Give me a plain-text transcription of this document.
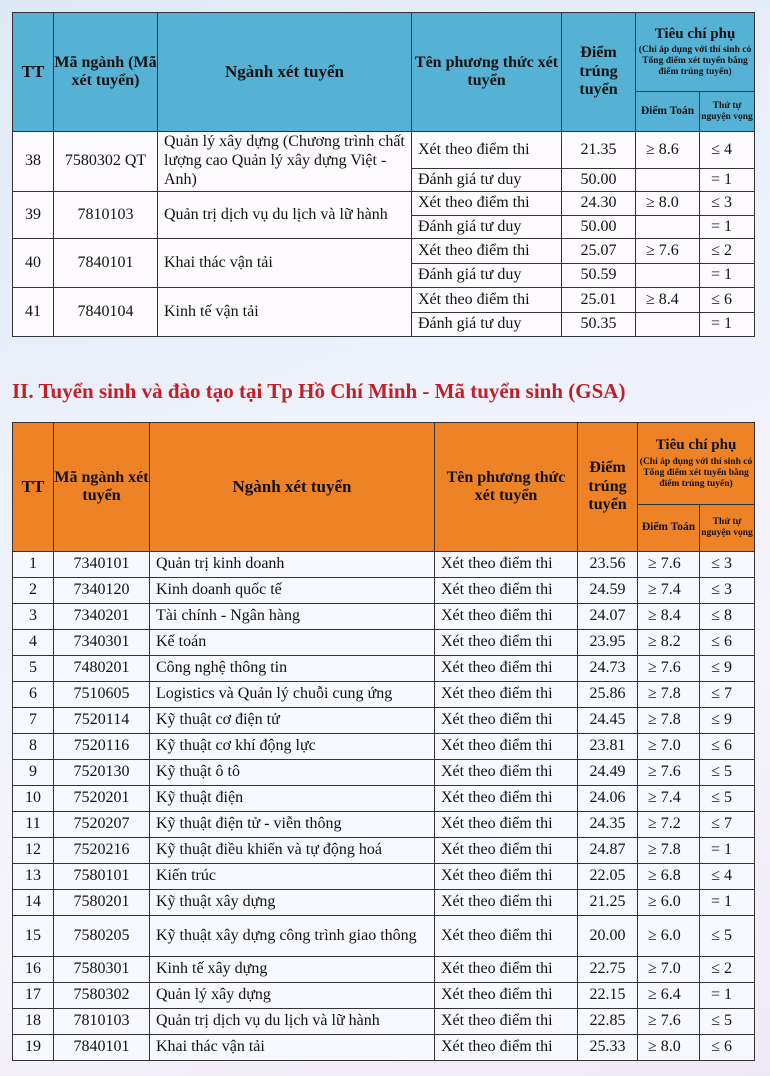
TT	Mã ngành (Mã xét tuyển)	Ngành xét tuyển	Tên phương thức xét tuyển	Điểm trúng tuyển	Tiêu chí phụ
(Chỉ áp dụng với thí sinh có Tổng điểm xét tuyển bằng điểm trúng tuyển)	

					Điểm Toán	Thứ tự nguyện vọng
38	7580302 QT	Quản lý xây dựng (Chương trình chất lượng cao Quản lý xây dựng Việt - Anh)	Xét theo điểm thi	21.35	≥ 8.6	≤ 4
			Đánh giá tư duy	50.00		= 1
39	7810103	Quản trị dịch vụ du lịch và lữ hành	Xét theo điểm thi	24.30	≥ 8.0	≤ 3
			Đánh giá tư duy	50.00		= 1
40	7840101	Khai thác vận tải	Xét theo điểm thi	25.07	≥ 7.6	≤ 2
			Đánh giá tư duy	50.59		= 1
41	7840104	Kinh tế vận tải	Xét theo điểm thi	25.01	≥ 8.4	≤ 6
			Đánh giá tư duy	50.35		= 1
II. Tuyển sinh và đào tạo tại Tp Hồ Chí Minh - Mã tuyển sinh (GSA)
TT	Mã ngành xét tuyển	Ngành xét tuyển	Tên phương thức xét tuyển	Điểm trúng tuyển	Tiêu chí phụ
(Chỉ áp dụng với thí sinh có Tổng điểm xét tuyển bằng điểm trúng tuyển)	

					Điểm Toán	Thứ tự nguyện vọng
1	7340101	Quản trị kinh doanh	Xét theo điểm thi	23.56	≥ 7.6	≤ 3
2	7340120	Kinh doanh quốc tế	Xét theo điểm thi	24.59	≥ 7.4	≤ 3
3	7340201	Tài chính - Ngân hàng	Xét theo điểm thi	24.07	≥ 8.4	≤ 8
4	7340301	Kế toán	Xét theo điểm thi	23.95	≥ 8.2	≤ 6
5	7480201	Công nghệ thông tin	Xét theo điểm thi	24.73	≥ 7.6	≤ 9
6	7510605	Logistics và Quản lý chuỗi cung ứng	Xét theo điểm thi	25.86	≥ 7.8	≤ 7
7	7520114	Kỹ thuật cơ điện tử	Xét theo điểm thi	24.45	≥ 7.8	≤ 9
8	7520116	Kỹ thuật cơ khí động lực	Xét theo điểm thi	23.81	≥ 7.0	≤ 6
9	7520130	Kỹ thuật ô tô	Xét theo điểm thi	24.49	≥ 7.6	≤ 5
10	7520201	Kỹ thuật điện	Xét theo điểm thi	24.06	≥ 7.4	≤ 5
11	7520207	Kỹ thuật điện tử - viễn thông	Xét theo điểm thi	24.35	≥ 7.2	≤ 7
12	7520216	Kỹ thuật điều khiển và tự động hoá	Xét theo điểm thi	24.87	≥ 7.8	= 1
13	7580101	Kiến trúc	Xét theo điểm thi	22.05	≥ 6.8	≤ 4
14	7580201	Kỹ thuật xây dựng	Xét theo điểm thi	21.25	≥ 6.0	= 1
15	7580205	Kỹ thuật xây dựng công trình giao thông	Xét theo điểm thi	20.00	≥ 6.0	≤ 5
16	7580301	Kinh tế xây dựng	Xét theo điểm thi	22.75	≥ 7.0	≤ 2
17	7580302	Quản lý xây dựng	Xét theo điểm thi	22.15	≥ 6.4	= 1
18	7810103	Quản trị dịch vụ du lịch và lữ hành	Xét theo điểm thi	22.85	≥ 7.6	≤ 5
19	7840101	Khai thác vận tải	Xét theo điểm thi	25.33	≥ 8.0	≤ 6
